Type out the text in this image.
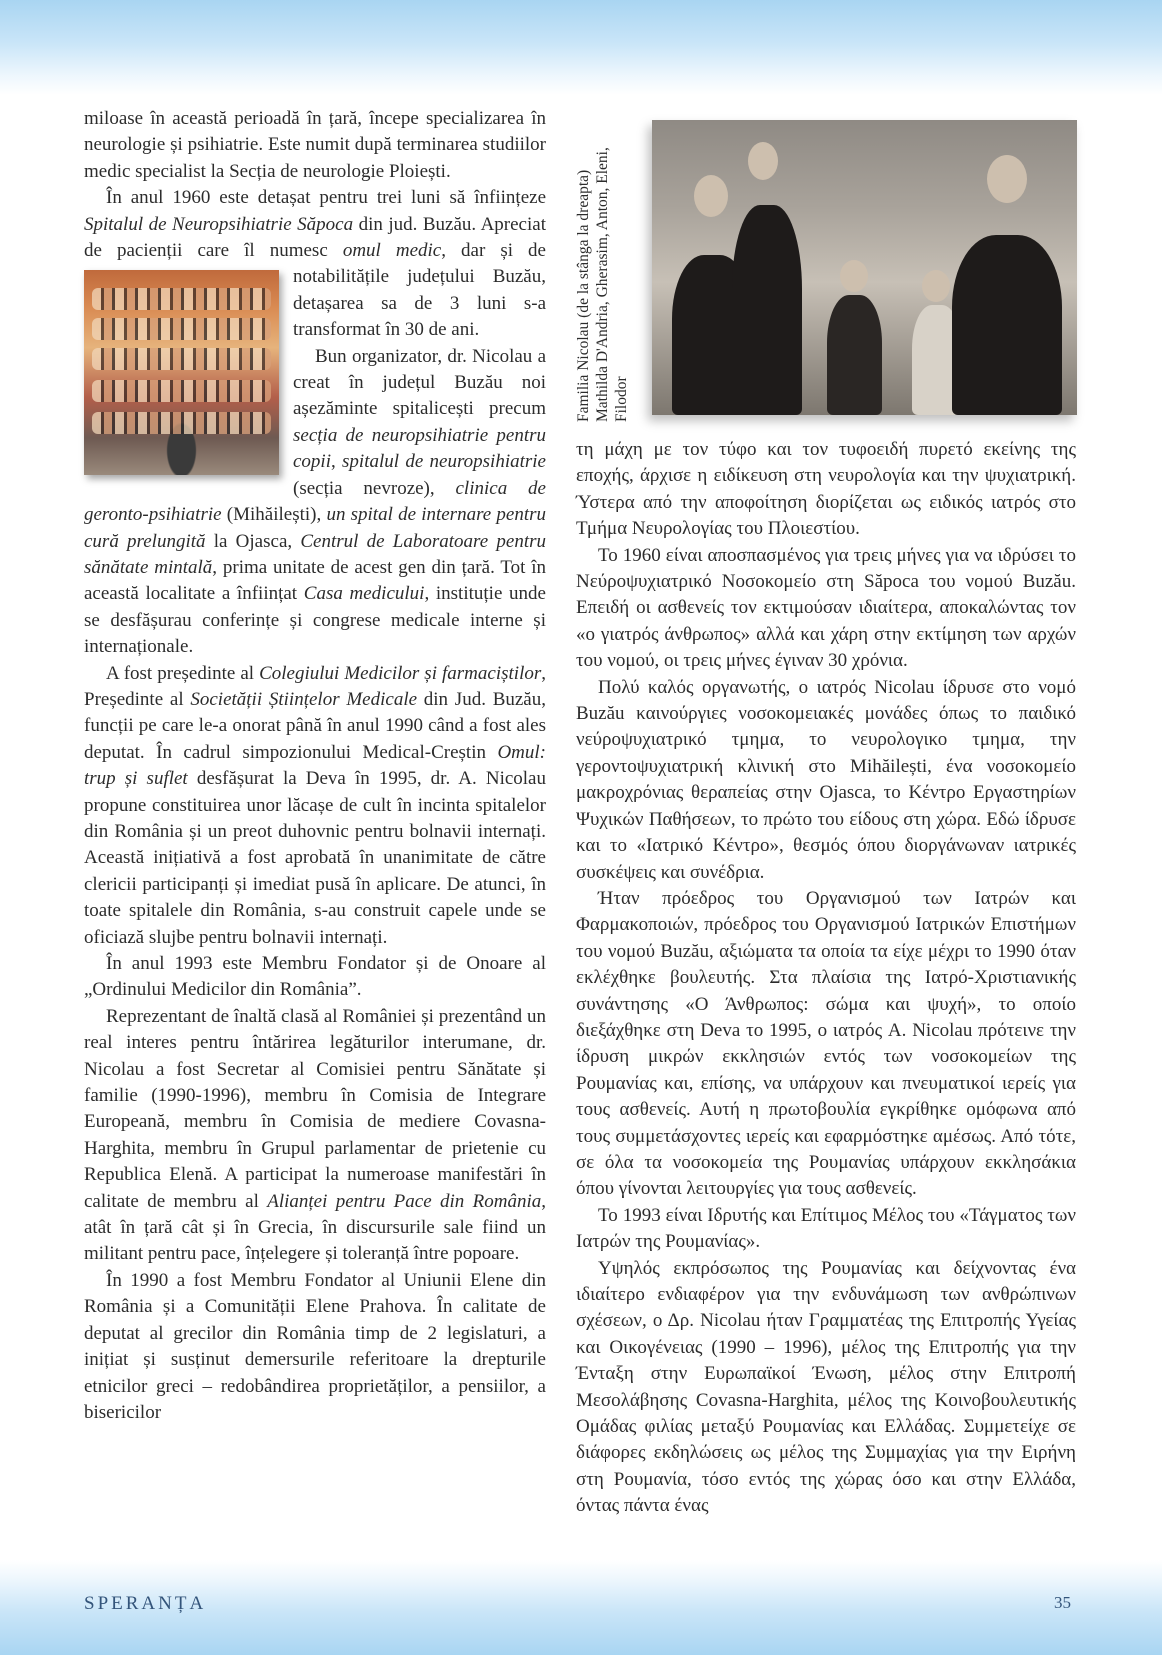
miloase în această perioadă în țară, începe specializarea în neurologie și psihiatrie. Este numit după terminarea studiilor medic specialist la Secția de neurologie Ploiești.

În anul 1960 este detașat pentru trei luni să înființeze Spitalul de Neuropsihiatrie Săpoca din jud. Buzău. Apreciat de pacienții care îl numesc omul medic
, dar și de notabilitățile județului Buzău, detașarea sa de 3 luni s-a transformat în 30 de ani.

Bun organizator, dr. Nicolau a creat în județul Buzău noi așezăminte spitalicești precum secția de neuropsihiatrie pentru copii, spitalul de neuropsihiatrie (secția nevroze), clinica de geronto-psihiatrie (Mihăilești), un spital de internare pentru cură prelungită la Ojasca, Centrul de Laboratoare pentru sănătate mintală, prima unitate de acest gen din țară. Tot în această localitate a înființat Casa medicului, instituție unde se desfășurau conferințe și congrese medicale interne și internaționale.

A fost președinte al Colegiului Medicilor și farmaciștilor, Președinte al Societății Științelor Medicale din Jud. Buzău, funcții pe care le-a onorat până în anul 1990 când a fost ales deputat. În cadrul simpozionului Medical-Creștin Omul: trup și suflet desfășurat la Deva în 1995, dr. A. Nicolau propune constituirea unor lăcașe de cult în incinta spitalelor din România și un preot duhovnic pentru bolnavii internați. Această inițiativă a fost aprobată în unanimitate de către clericii participanți și imediat pusă în aplicare. De atunci, în toate spitalele din România, s-au construit capele unde se oficiază slujbe pentru bolnavii internați.

În anul 1993 este Membru Fondator și de Onoare al „Ordinului Medicilor din România”.

Reprezentant de înaltă clasă al României și prezentând un real interes pentru întărirea legăturilor interumane, dr. Nicolau a fost Secretar al Comisiei pentru Sănătate și familie (1990-1996), membru în Comisia de Integrare Europeană, membru în Comisia de mediere Covasna-Harghita, membru în Grupul parlamentar de prietenie cu Republica Elenă. A participat la numeroase manifestări în calitate de membru al Alianței pentru Pace din România, atât în țară cât și în Grecia, în discursurile sale fiind un militant pentru pace, înțelegere și toleranță între popoare.

În 1990 a fost Membru Fondator al Uniunii Elene din România și a Comunității Elene Prahova. În calitate de deputat al grecilor din România timp de 2 legislaturi, a inițiat și susținut demersurile referitoare la drepturile etnicilor greci – redobândirea proprietăților, a pensiilor, a bisericilor

Familia Nicolau (de la stânga la dreapta) Mathilda D'Andria, Gherasim, Anton, Eleni, Filodor

τη μάχη με τον τύφο και τον τυφοειδή πυρετό εκείνης της εποχής, άρχισε η ειδίκευση στη νευρολογία και την ψυχιατρική. Ύστερα από την αποφοίτηση διορίζεται ως ειδικός ιατρός στο Τμήμα Νευρολογίας του Πλοιεστίου.

Το 1960 είναι αποσπασμένος για τρεις μήνες για να ιδρύσει το Νεύροψυχιατρικό Νοσοκομείο στη Săpoca του νομού Buzău. Επειδή οι ασθενείς τον εκτιμούσαν ιδιαίτερα, αποκαλώντας τον «ο γιατρός άνθρωπος» αλλά και χάρη στην εκτίμηση των αρχών του νομού, οι τρεις μήνες έγιναν 30 χρόνια.

Πολύ καλός οργανωτής, ο ιατρός Nicolau ίδρυσε στο νομό Buzău καινούργιες νοσοκομειακές μονάδες όπως το παιδικό νεύροψυχιατρικό τμημα, το νευρολογικο τμημα, την γεροντοψυχιατρική κλινική στο Mihăilești, ένα νοσοκομείο μακροχρόνιας θεραπείας στην Ojasca, το Κέντρο Εργαστηρίων Ψυχικών Παθήσεων, το πρώτο του είδους στη χώρα. Εδώ ίδρυσε και το «Ιατρικό Κέντρο», θεσμός όπου διοργάνωναν ιατρικές συσκέψεις και συνέδρια.

Ήταν πρόεδρος του Οργανισμού των Ιατρών και Φαρμακοποιών, πρόεδρος του Οργανισμού Ιατρικών Επιστήμων του νομού Buzău, αξιώματα τα οποία τα είχε μέχρι το 1990 όταν εκλέχθηκε βουλευτής. Στα πλαίσια της Ιατρό-Χριστιανικής συνάντησης «Ο Άνθρωπος: σώμα και ψυχή», το οποίο διεξάχθηκε στη Deva το 1995, ο ιατρός A. Nicolau πρότεινε την ίδρυση μικρών εκκλησιών εντός των νοσοκομείων της Ρουμανίας και, επίσης, να υπάρχουν και πνευματικοί ιερείς για τους ασθενείς. Αυτή η πρωτοβουλία εγκρίθηκε ομόφωνα από τους συμμετάσχοντες ιερείς και εφαρμόστηκε αμέσως. Από τότε, σε όλα τα νοσοκομεία της Ρουμανίας υπάρχουν εκκλησάκια όπου γίνονται λειτουργίες για τους ασθενείς.

Το 1993 είναι Ιδρυτής και Επίτιμος Μέλος του «Τάγματος των Ιατρών της Ρουμανίας».

Υψηλός εκπρόσωπος της Ρουμανίας και δείχνοντας ένα ιδιαίτερο ενδιαφέρον για την ενδυνάμωση των ανθρώπινων σχέσεων, ο Δρ. Nicolau ήταν Γραμματέας της Επιτροπής Υγείας και Οικογένειας (1990 – 1996), μέλος της Επιτροπής για την Ένταξη στην Ευρωπαϊκοί Ένωση, μέλος στην Επιτροπή Μεσολάβησης Covasna-Harghita, μέλος της Κοινοβουλευτικής Ομάδας φιλίας μεταξύ Ρουμανίας και Ελλάδας. Συμμετείχε σε διάφορες εκδηλώσεις ως μέλος της Συμμαχίας για την Ειρήνη στη Ρουμανία, τόσο εντός της χώρας όσο και στην Ελλάδα, όντας πάντα ένας

SPERANȚA	35
